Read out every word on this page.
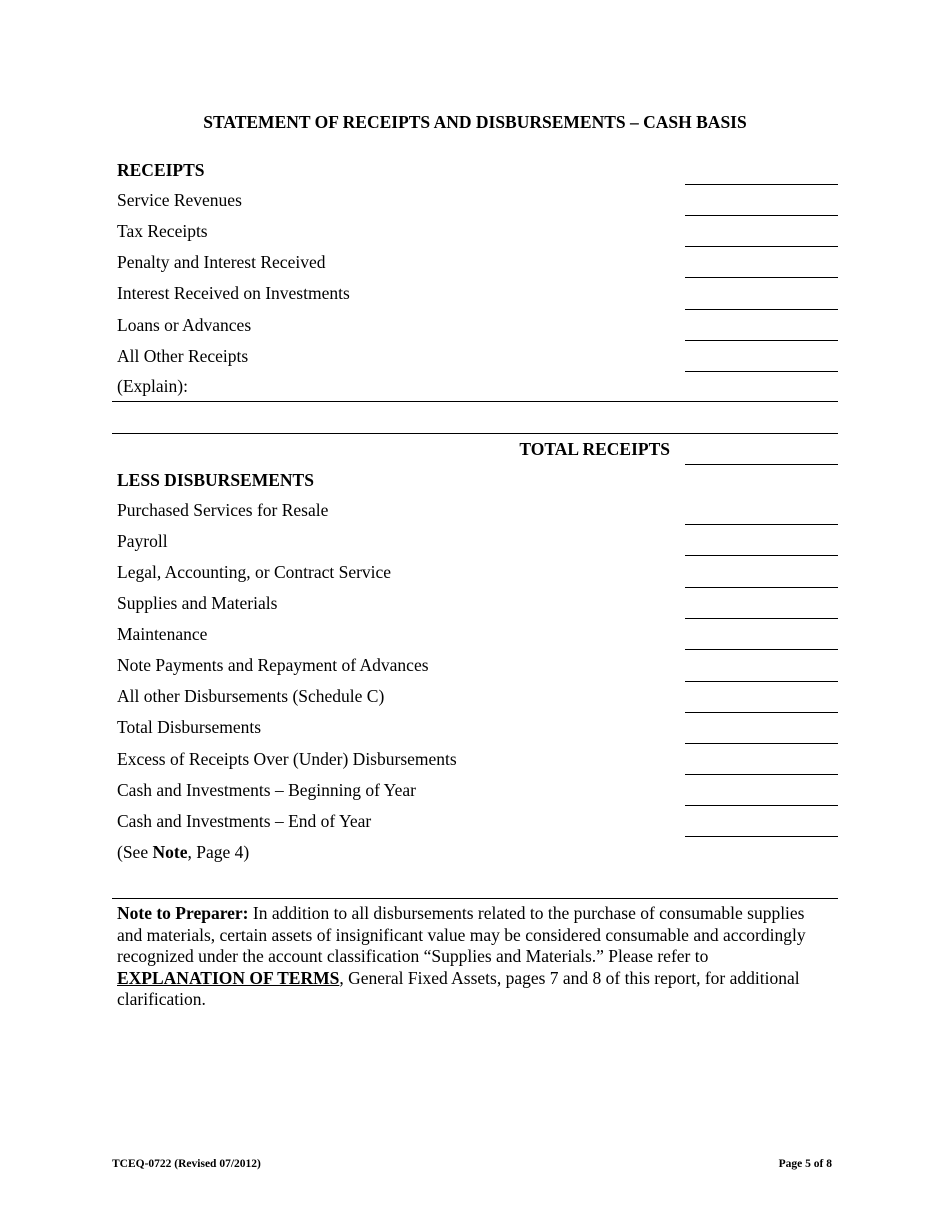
STATEMENT OF RECEIPTS AND DISBURSEMENTS – CASH BASIS
RECEIPTS
Service Revenues
Tax Receipts
Penalty and Interest Received
Interest Received on Investments
Loans or Advances
All Other Receipts
(Explain):
TOTAL RECEIPTS
LESS DISBURSEMENTS
Purchased Services for Resale
Payroll
Legal, Accounting, or Contract Service
Supplies and Materials
Maintenance
Note Payments and Repayment of Advances
All other Disbursements (Schedule C)
Total Disbursements
Excess of Receipts Over (Under) Disbursements
Cash and Investments – Beginning of Year
Cash and Investments – End of Year
(See Note, Page 4)
Note to Preparer: In addition to all disbursements related to the purchase of consumable supplies and materials, certain assets of insignificant value may be considered consumable and accordingly recognized under the account classification “Supplies and Materials.” Please refer to EXPLANATION OF TERMS, General Fixed Assets, pages 7 and 8 of this report, for additional clarification.
TCEQ-0722 (Revised 07/2012)	Page 5 of 8
